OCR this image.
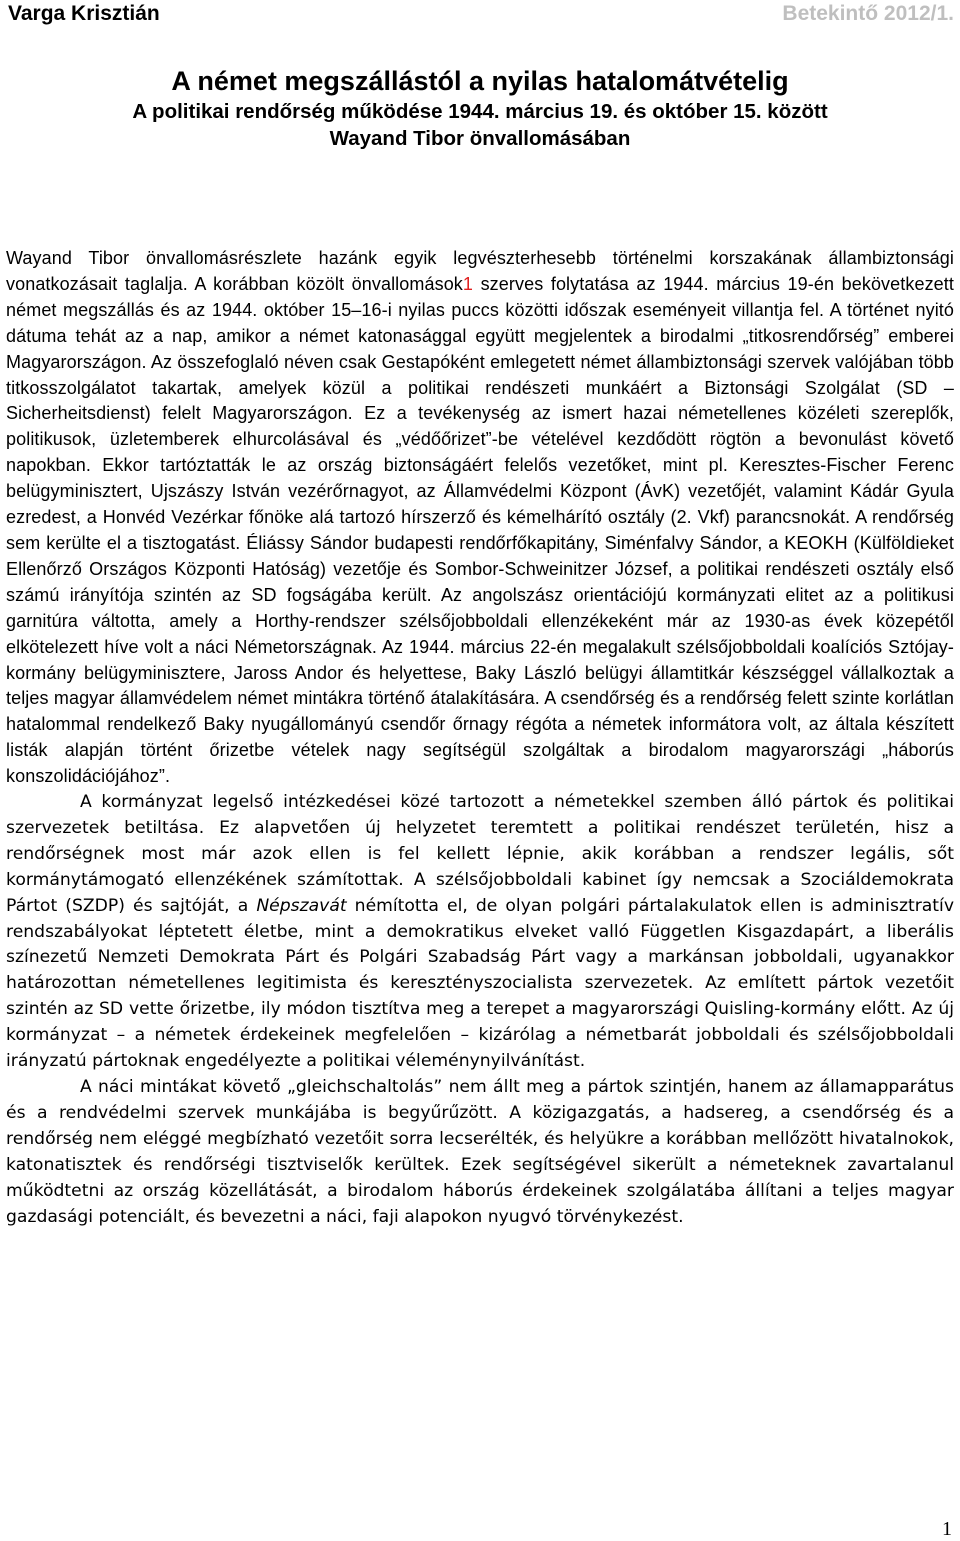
Varga Krisztián	Betekintő 2012/1.
A német megszállástól a nyilas hatalomátvételig
A politikai rendőrség működése 1944. március 19. és október 15. között
Wayand Tibor önvallomásában

Wayand Tibor önvallomásrészlete hazánk egyik legvészterhesebb történelmi korszakának állambiztonsági vonatkozásait taglalja. A korábban közölt önvallomások1 szerves folytatása az 1944. március 19-én bekövetkezett német megszállás és az 1944. október 15–16-i nyilas puccs közötti időszak eseményeit villantja fel. A történet nyitó dátuma tehát az a nap, amikor a német katonasággal együtt megjelentek a birodalmi „titkosrendőrség” emberei Magyarországon. Az összefoglaló néven csak Gestapóként emlegetett német állambiztonsági szervek valójában több titkosszolgálatot takartak, amelyek közül a politikai rendészeti munkáért a Biztonsági Szolgálat (SD – Sicherheitsdienst) felelt Magyarországon. Ez a tevékenység az ismert hazai németellenes közéleti szereplők, politikusok, üzletemberek elhurcolásával és „védőőrizet”-be vételével kezdődött rögtön a bevonulást követő napokban. Ekkor tartóztatták le az ország biztonságáért felelős vezetőket, mint pl. Keresztes-Fischer Ferenc belügyminisztert, Ujszászy István vezérőrnagyot, az Államvédelmi Központ (ÁvK) vezetőjét, valamint Kádár Gyula ezredest, a Honvéd Vezérkar főnöke alá tartozó hírszerző és kémelhárító osztály (2. Vkf) parancsnokát. A rendőrség sem kerülte el a tisztogatást. Éliássy Sándor budapesti rendőrfőkapitány, Siménfalvy Sándor, a KEOKH (Külföldieket Ellenőrző Országos Központi Hatóság) vezetője és Sombor-Schweinitzer József, a politikai rendészeti osztály első számú irányítója szintén az SD fogságába került. Az angolszász orientációjú kormányzati elitet az a politikusi garnitúra váltotta, amely a Horthy-rendszer szélsőjobboldali ellenzékeként már az 1930-as évek közepétől elkötelezett híve volt a náci Németországnak. Az 1944. március 22-én megalakult szélsőjobboldali koalíciós Sztójay-kormány belügyminisztere, Jaross Andor és helyettese, Baky László belügyi államtitkár készséggel vállalkoztak a teljes magyar államvédelem német mintákra történő átalakítására. A csendőrség és a rendőrség felett szinte korlátlan hatalommal rendelkező Baky nyugállományú csendőr őrnagy régóta a németek informátora volt, az általa készített listák alapján történt őrizetbe vételek nagy segítségül szolgáltak a birodalom magyarországi „háborús konszolidációjához”.

A kormányzat legelső intézkedései közé tartozott a németekkel szemben álló pártok és politikai szervezetek betiltása. Ez alapvetően új helyzetet teremtett a politikai rendészet területén, hisz a rendőrségnek most már azok ellen is fel kellett lépnie, akik korábban a rendszer legális, sőt kormánytámogató ellenzékének számítottak. A szélsőjobboldali kabinet így nemcsak a Szociáldemokrata Pártot (SZDP) és sajtóját, a Népszavát némította el, de olyan polgári pártalakulatok ellen is adminisztratív rendszabályokat léptetett életbe, mint a demokratikus elveket valló Független Kisgazdapárt, a liberális színezetű Nemzeti Demokrata Párt és Polgári Szabadság Párt vagy a markánsan jobboldali, ugyanakkor határozottan németellenes legitimista és keresztényszocialista szervezetek. Az említett pártok vezetőit szintén az SD vette őrizetbe, ily módon tisztítva meg a terepet a magyarországi Quisling-kormány előtt. Az új kormányzat – a németek érdekeinek megfelelően – kizárólag a németbarát jobboldali és szélsőjobboldali irányzatú pártoknak engedélyezte a politikai véleménynyilvánítást.

A náci mintákat követő „gleichschaltolás” nem állt meg a pártok szintjén, hanem az államapparátus és a rendvédelmi szervek munkájába is begyűrűzött. A közigazgatás, a hadsereg, a csendőrség és a rendőrség nem eléggé megbízható vezetőit sorra lecserélték, és helyükre a korábban mellőzött hivatalnokok, katonatisztek és rendőrségi tisztviselők kerültek. Ezek segítségével sikerült a németeknek zavartalanul működtetni az ország közellátását, a birodalom háborús érdekeinek szolgálatába állítani a teljes magyar gazdasági potenciált, és bevezetni a náci, faji alapokon nyugvó törvénykezést.

1
